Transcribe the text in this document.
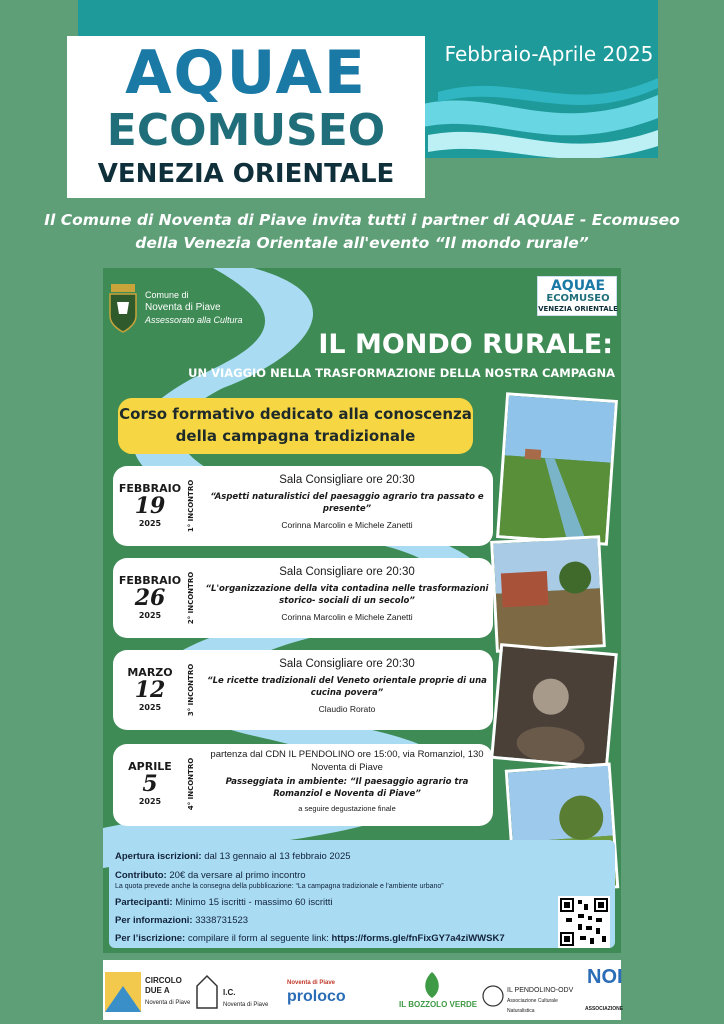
AQUAE
ECOMUSEO
VENEZIA ORIENTALE
Febbraio-Aprile 2025
Il Comune di Noventa di Piave invita tutti i partner di AQUAE - Ecomuseo della Venezia Orientale all'evento “Il mondo rurale”
Comune di
Noventa di Piave
Assessorato alla Cultura
AQUAE
ECOMUSEO
VENEZIA ORIENTALE
IL MONDO RURALE:
UN VIAGGIO NELLA TRASFORMAZIONE DELLA NOSTRA CAMPAGNA
Corso formativo dedicato alla conoscenza della campagna tradizionale
FEBBRAIO
19
2025	1° INCONTRO	Sala Consigliare ore 20:30
“Aspetti naturalistici del paesaggio agrario tra passato e presente”
Corinna Marcolin e Michele Zanetti
FEBBRAIO
26
2025	2° INCONTRO	Sala Consigliare ore 20:30
“L'organizzazione della vita contadina nelle trasformazioni storico- sociali di un secolo”
Corinna Marcolin e Michele Zanetti
MARZO
12
2025	3° INCONTRO	Sala Consigliare ore 20:30
“Le ricette tradizionali del Veneto orientale proprie di una cucina povera”
Claudio Rorato
APRILE
5
2025	4° INCONTRO
partenza dal CDN IL PENDOLINO ore 15:00, via Romanziol, 130 Noventa di Piave
Passeggiata in ambiente: “Il paesaggio agrario tra Romanziol e Noventa di Piave”
a seguire degustazione finale
Apertura iscrizioni: dal 13 gennaio al 13 febbraio 2025
Contributo: 20€ da versare al primo incontro
La quota prevede anche la consegna della pubblicazione: “La campagna tradizionale e l'ambiente urbano”
Partecipanti: Minimo 15 iscritti - massimo 60 iscritti
Per informazioni: 3338731523
Per l’iscrizione: compilare il form al seguente link: https://forms.gle/fnFixGY7a4ziWWSK7
CIRCOLO DUE A
Noventa di Piave
I.C.
Noventa di Piave
Noventa di Piave
proloco	IL BOZZOLO VERDE
IL PENDOLINO-ODV
Associazione Culturale Naturalistica
NOI
ASSOCIAZIONE
